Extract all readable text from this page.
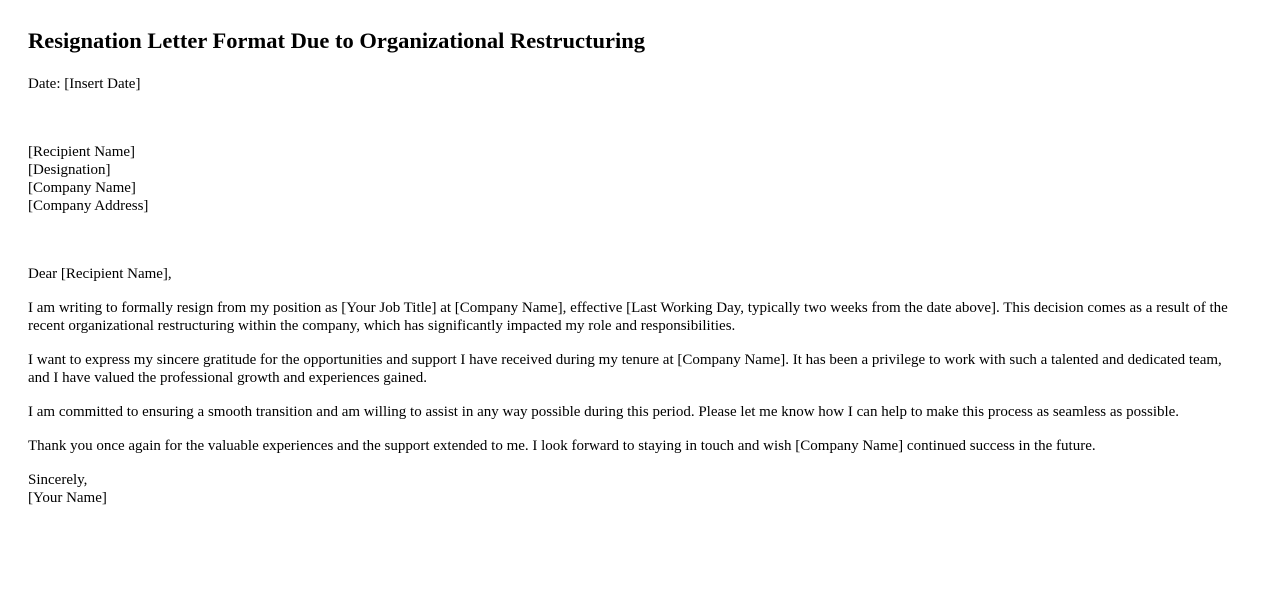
Resignation Letter Format Due to Organizational Restructuring
Date: [Insert Date]
[Recipient Name]
[Designation]
[Company Name]
[Company Address]
Dear [Recipient Name],

I am writing to formally resign from my position as [Your Job Title] at [Company Name], effective [Last Working Day, typically two weeks from the date above]. This decision comes as a result of the recent organizational restructuring within the company, which has significantly impacted my role and responsibilities.

I want to express my sincere gratitude for the opportunities and support I have received during my tenure at [Company Name]. It has been a privilege to work with such a talented and dedicated team, and I have valued the professional growth and experiences gained.

I am committed to ensuring a smooth transition and am willing to assist in any way possible during this period. Please let me know how I can help to make this process as seamless as possible.

Thank you once again for the valuable experiences and the support extended to me. I look forward to staying in touch and wish [Company Name] continued success in the future.

Sincerely,
[Your Name]
